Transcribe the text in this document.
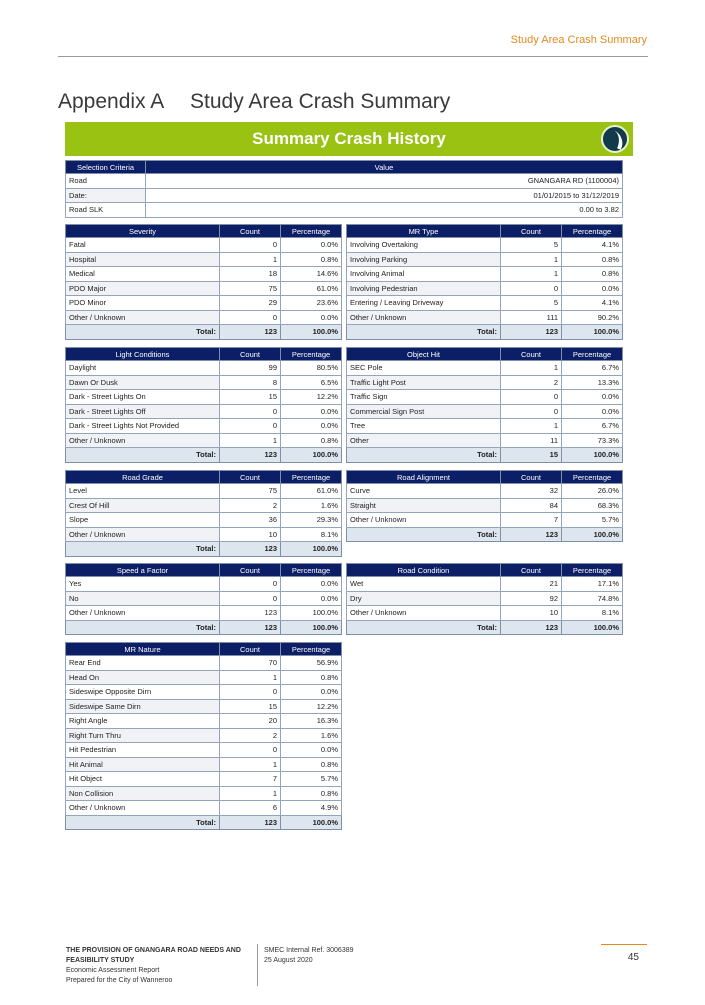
Study Area Crash Summary
Appendix A Study Area Crash Summary
Summary Crash History
Selection Criteria	Value
Road	GNANGARA RD (1100004)
Date:	01/01/2015 to 31/12/2019
Road SLK	0.00 to 3.82
Severity	Count	Percentage
Fatal	0	0.0%
Hospital	1	0.8%
Medical	18	14.6%
PDO Major	75	61.0%
PDO Minor	29	23.6%
Other / Unknown	0	0.0%
Total:	123	100.0%
MR Type	Count	Percentage
Involving Overtaking	5	4.1%
Involving Parking	1	0.8%
Involving Animal	1	0.8%
Involving Pedestrian	0	0.0%
Entering / Leaving Driveway	5	4.1%
Other / Unknown	111	90.2%
Total:	123	100.0%
Light Conditions	Count	Percentage
Daylight	99	80.5%
Dawn Or Dusk	8	6.5%
Dark - Street Lights On	15	12.2%
Dark - Street Lights Off	0	0.0%
Dark - Street Lights Not Provided	0	0.0%
Other / Unknown	1	0.8%
Total:	123	100.0%
Object Hit	Count	Percentage
SEC Pole	1	6.7%
Traffic Light Post	2	13.3%
Traffic Sign	0	0.0%
Commercial Sign Post	0	0.0%
Tree	1	6.7%
Other	11	73.3%
Total:	15	100.0%
Road Grade	Count	Percentage
Level	75	61.0%
Crest Of Hill	2	1.6%
Slope	36	29.3%
Other / Unknown	10	8.1%
Total:	123	100.0%
Road Alignment	Count	Percentage
Curve	32	26.0%
Straight	84	68.3%
Other / Unknown	7	5.7%
Total:	123	100.0%
Speed a Factor	Count	Percentage
Yes	0	0.0%
No	0	0.0%
Other / Unknown	123	100.0%
Total:	123	100.0%
Road Condition	Count	Percentage
Wet	21	17.1%
Dry	92	74.8%
Other / Unknown	10	8.1%
Total:	123	100.0%
MR Nature	Count	Percentage
Rear End	70	56.9%
Head On	1	0.8%
Sideswipe Opposite Dirn	0	0.0%
Sideswipe Same Dirn	15	12.2%
Right Angle	20	16.3%
Right Turn Thru	2	1.6%
Hit Pedestrian	0	0.0%
Hit Animal	1	0.8%
Hit Object	7	5.7%
Non Collision	1	0.8%
Other / Unknown	6	4.9%
Total:	123	100.0%
THE PROVISION OF GNANGARA ROAD NEEDS AND FEASIBILITY STUDY
Economic Assessment Report
Prepared for the City of Wanneroo
SMEC Internal Ref. 3006389
25 August 2020	45
